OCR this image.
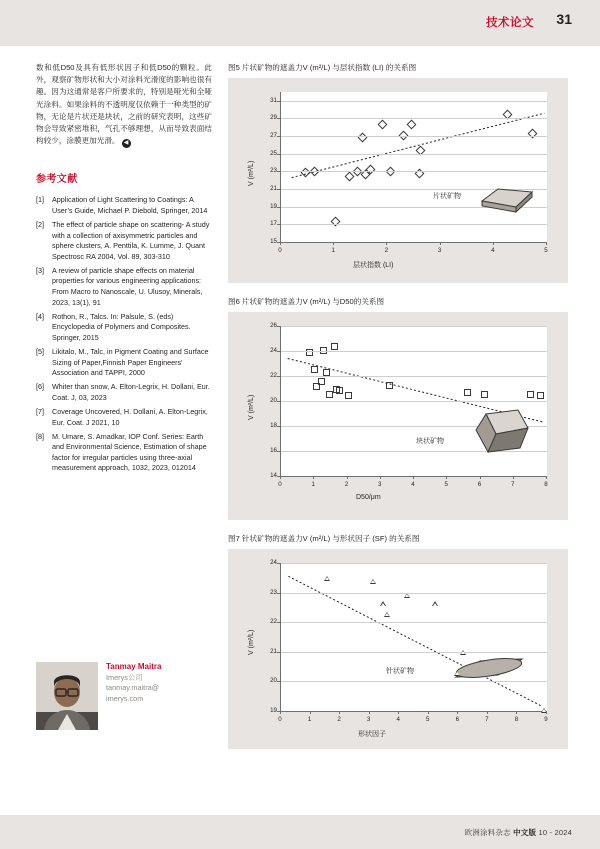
技术论文 31
数和低D50及具有低形状因子和低D50的颗粒。此外，观察矿物形状和大小对涂料光滑度的影响也很有趣。因为这通常是客户所要求的，特别是哑光和全哑光涂料。如果涂料的不透明度仅依赖于一种类型的矿物，无论是片状还是块状，之前的研究表明，这些矿物会导致紧密堆积，气孔不够理想，从而导致表面结构较少，涂膜更加光滑。 ◀
参考文献
[1]	Application of Light Scattering to Coatings: A User’s Guide, Michael P. Diebold, Springer, 2014
[2]	The effect of particle shape on scattering- A study with a collection of axisymmetric particles and sphere clusters, A. Penttila, K. Lumme, J. Quant Spectrosc RA 2004, Vol. 89, 303-310
[3]	A review of particle shape effects on material properties for various engineering applications: From Macro to Nanoscale, U. Ulusoy, Minerals, 2023, 13(1), 91
[4]	Rothon, R., Talcs. In: Palsule, S. (eds) Encyclopedia of Polymers and Composites. Springer, 2015
[5]	Likitalo, M., Talc, in Pigment Coating and Surface Sizing of Paper,Finnish Paper Engineers’ Association and TAPPI, 2000
[6]	Whiter than snow, A. Elton-Legrix, H. Dollani, Eur. Coat. J, 03, 2023
[7]	Coverage Uncovered, H. Dollani, A. Elton-Legrix, Eur. Coat. J 2021, 10
[8]	M. Umare, S. Amadkar, IOP Conf. Series: Earth and Environmental Science, Estimation of shape factor for irregular particles using three-axial measurement approach, 1032, 2023, 012014
Tanmay Maitra
Imerys公司
tanmay.maitra@
imerys.com
图5 片状矿物的遮盖力V (m²/L) 与层状指数 (LI) 的关系图
15
17
19
21
23
25
27
29
31
0	1	2	3	4	5
V (m²/L)
层状指数 (LI)
片状矿物
图6 片状矿物的遮盖力V (m²/L) 与D50的关系图
14
16
18
20
22
24
26
0	1	2	3	4	5	6	7	8
V (m²/L)
D50/μm
块状矿物
图7 针状矿物的遮盖力V (m²/L) 与形状因子 (SF) 的关系图
19
20
21
22
23
24
0	1	2	3	4	5	6	7	8	9
V (m²/L)
形状因子
针状矿物
欧洲涂料杂志 中文版 10 - 2024
